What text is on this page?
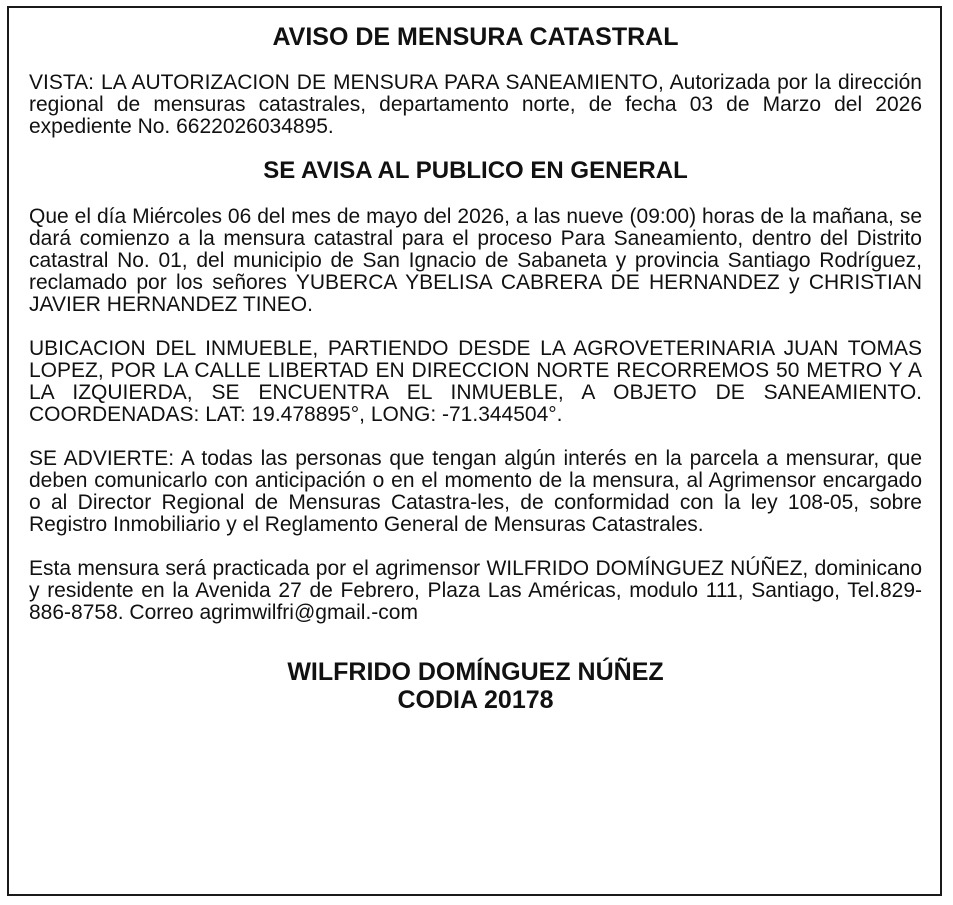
AVISO DE MENSURA CATASTRAL

VISTA: LA AUTORIZACION DE MENSURA PARA SANEAMIENTO, Autorizada por la dirección regional de mensuras catastrales, departamento norte, de fecha 03 de Marzo del 2026 expediente No. 6622026034895.

SE AVISA AL PUBLICO EN GENERAL

Que el día Miércoles 06 del mes de mayo del 2026, a las nueve (09:00) horas de la mañana, se dará comienzo a la mensura catastral para el proceso Para Saneamiento, dentro del Distrito catastral No. 01, del municipio de San Ignacio de Sabaneta y provincia Santiago Rodríguez, reclamado por los señores YUBERCA YBELISA CABRERA DE HERNANDEZ y CHRISTIAN JAVIER HERNANDEZ TINEO.

UBICACION DEL INMUEBLE, PARTIENDO DESDE LA AGROVETERINARIA JUAN TOMAS LOPEZ, POR LA CALLE LIBERTAD EN DIRECCION NORTE RECORREMOS 50 METRO Y A LA IZQUIERDA, SE ENCUENTRA EL INMUEBLE, A OBJETO DE SANEAMIENTO. COORDENADAS: LAT: 19.478895°, LONG: -71.344504°.

SE ADVIERTE: A todas las personas que tengan algún interés en la parcela a mensurar, que deben comunicarlo con anticipación o en el momento de la mensura, al Agrimensor encargado o al Director Regional de Mensuras Catastra-les, de conformidad con la ley 108-05, sobre Registro Inmobiliario y el Reglamento General de Mensuras Catastrales.

Esta mensura será practicada por el agrimensor WILFRIDO DOMÍNGUEZ NÚÑEZ, dominicano y residente en la Avenida 27 de Febrero, Plaza Las Américas, modulo 111, Santiago, Tel.829-886-8758. Correo agrimwilfri@gmail.-com

WILFRIDO DOMÍNGUEZ NÚÑEZ
CODIA 20178
